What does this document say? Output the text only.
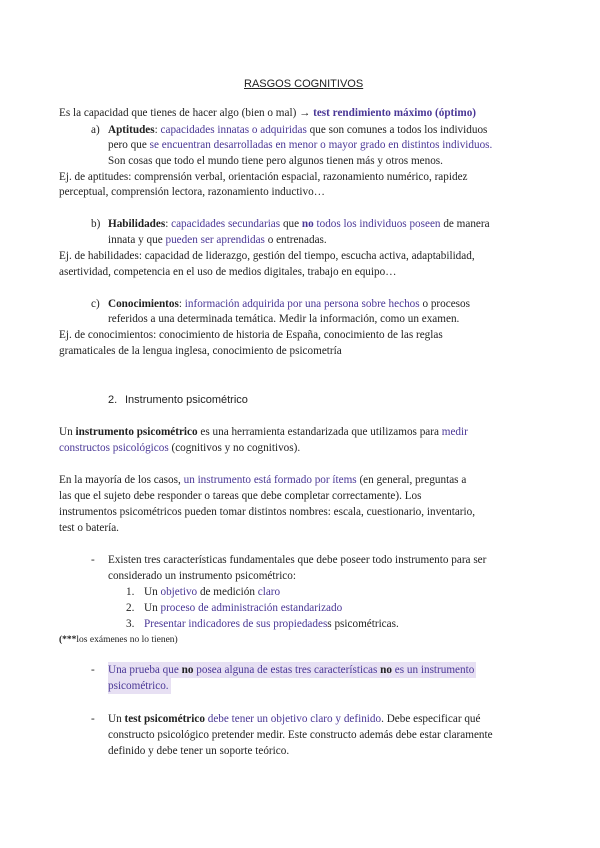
RASGOS COGNITIVOS
Es la capacidad que tienes de hacer algo (bien o mal) → test rendimiento máximo (óptimo)
a) Aptitudes: capacidades innatas o adquiridas que son comunes a todos los individuos
pero que se encuentran desarrolladas en menor o mayor grado en distintos individuos.
Son cosas que todo el mundo tiene pero algunos tienen más y otros menos.
Ej. de aptitudes: comprensión verbal, orientación espacial, razonamiento numérico, rapidez
perceptual, comprensión lectora, razonamiento inductivo…
b) Habilidades: capacidades secundarias que no todos los individuos poseen de manera
innata y que pueden ser aprendidas o entrenadas.
Ej. de habilidades: capacidad de liderazgo, gestión del tiempo, escucha activa, adaptabilidad,
asertividad, competencia en el uso de medios digitales, trabajo en equipo…
c) Conocimientos: información adquirida por una persona sobre hechos o procesos
referidos a una determinada temática. Medir la información, como un examen.
Ej. de conocimientos: conocimiento de historia de España, conocimiento de las reglas
gramaticales de la lengua inglesa, conocimiento de psicometría
2. Instrumento psicométrico
Un instrumento psicométrico es una herramienta estandarizada que utilizamos para medir
constructos psicológicos (cognitivos y no cognitivos).
En la mayoría de los casos, un instrumento está formado por ítems (en general, preguntas a
las que el sujeto debe responder o tareas que debe completar correctamente). Los
instrumentos psicométricos pueden tomar distintos nombres: escala, cuestionario, inventario,
test o batería.
- Existen tres características fundamentales que debe poseer todo instrumento para ser
considerado un instrumento psicométrico:
1. Un objetivo de medición claro
2. Un proceso de administración estandarizado
3. Presentar indicadores de sus propiedadess psicométricas.
(***los exámenes no lo tienen)
- Una prueba que no posea alguna de estas tres características no es un instrumento
psicométrico.
- Un test psicométrico debe tener un objetivo claro y definido. Debe especificar qué
constructo psicológico pretender medir. Este constructo además debe estar claramente
definido y debe tener un soporte teórico.
